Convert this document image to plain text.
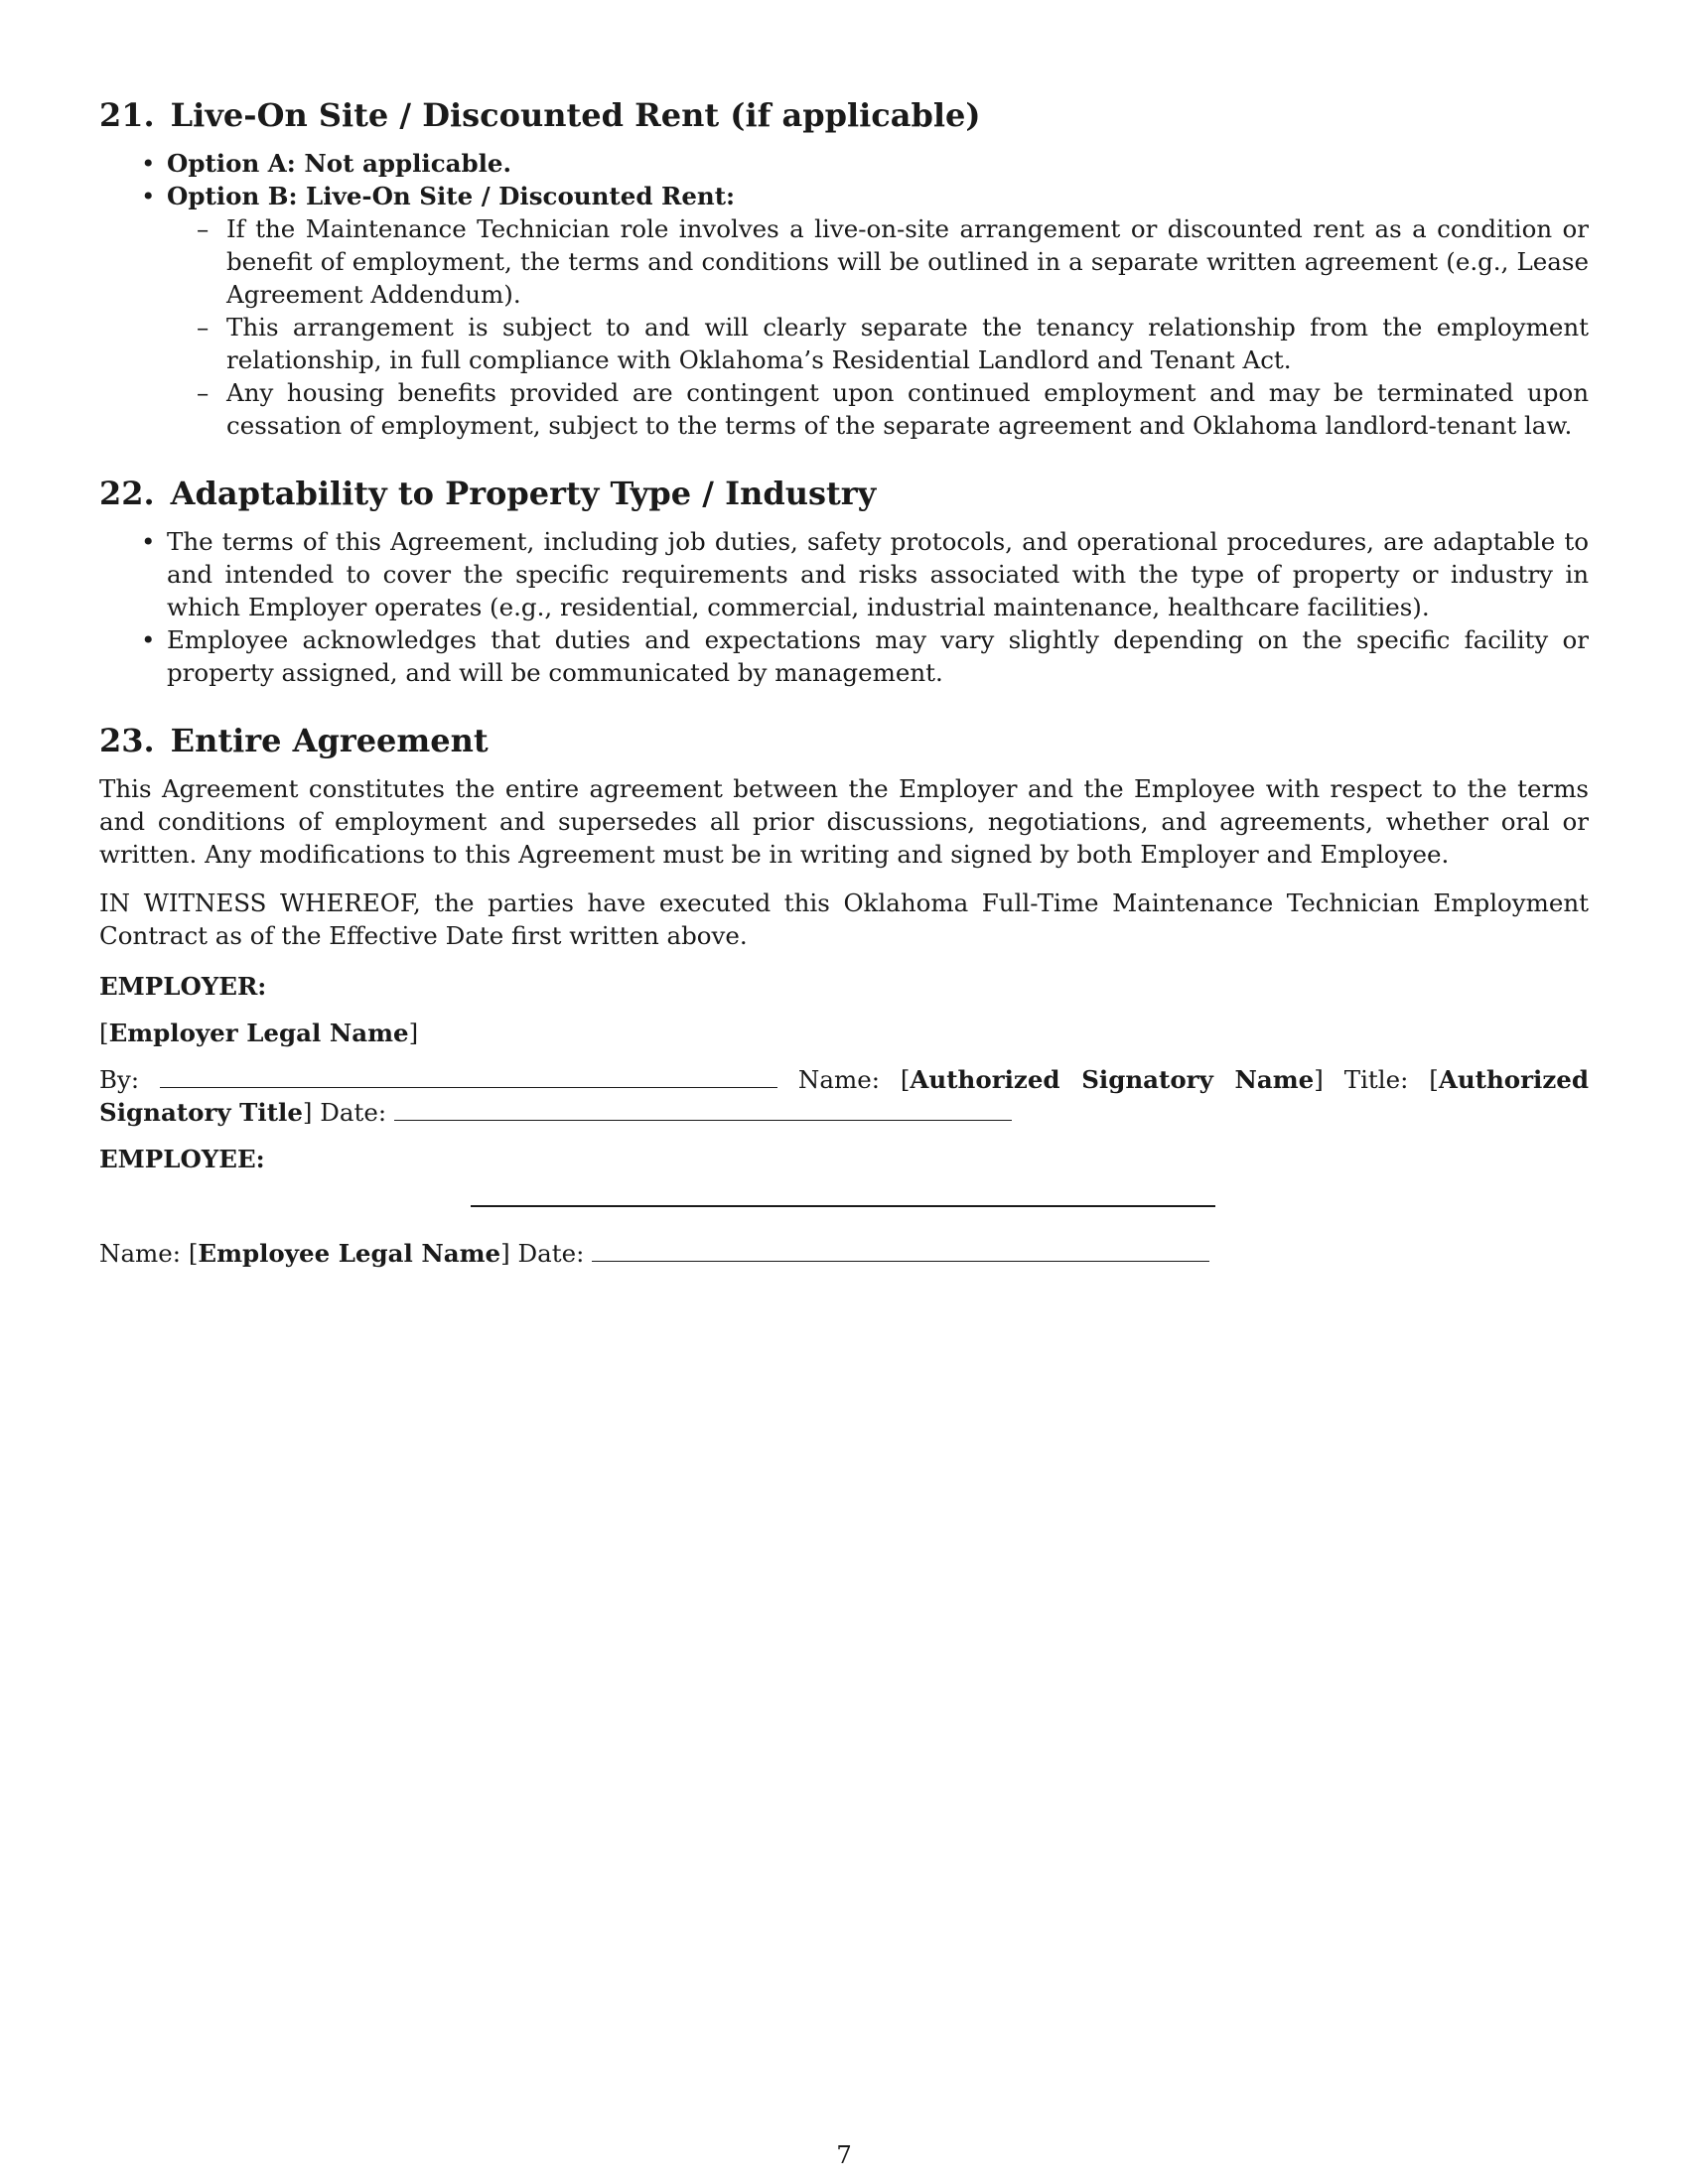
21. Live-On Site / Discounted Rent (if applicable)
• Option A: Not applicable.
• Option B: Live-On Site / Discounted Rent:
– If the Maintenance Technician role involves a live-on-site arrangement or discounted rent as a condition or benefit of employment, the terms and conditions will be outlined in a separate written agreement (e.g., Lease Agreement Addendum).
– This arrangement is subject to and will clearly separate the tenancy relationship from the employment relationship, in full compliance with Oklahoma’s Residential Landlord and Tenant Act.
– Any housing benefits provided are contingent upon continued employment and may be terminated upon cessation of employment, subject to the terms of the separate agreement and Oklahoma landlord-tenant law.
22. Adaptability to Property Type / Industry
• The terms of this Agreement, including job duties, safety protocols, and operational procedures, are adaptable to and intended to cover the specific requirements and risks associated with the type of property or industry in which Employer operates (e.g., residential, commercial, industrial maintenance, healthcare facilities).
• Employee acknowledges that duties and expectations may vary slightly depending on the specific facility or property assigned, and will be communicated by management.
23. Entire Agreement

This Agreement constitutes the entire agreement between the Employer and the Employee with respect to the terms and conditions of employment and supersedes all prior discussions, negotiations, and agreements, whether oral or written. Any modifications to this Agreement must be in writing and signed by both Employer and Employee.

IN WITNESS WHEREOF, the parties have executed this Oklahoma Full-Time Maintenance Technician Employment Contract as of the Effective Date first written above.

EMPLOYER:
[Employer Legal Name]

By:	Name: [Authorized Signatory Name] Title: [Authorized Signatory Title] Date:

EMPLOYEE:
Name: [Employee Legal Name] Date:
7
